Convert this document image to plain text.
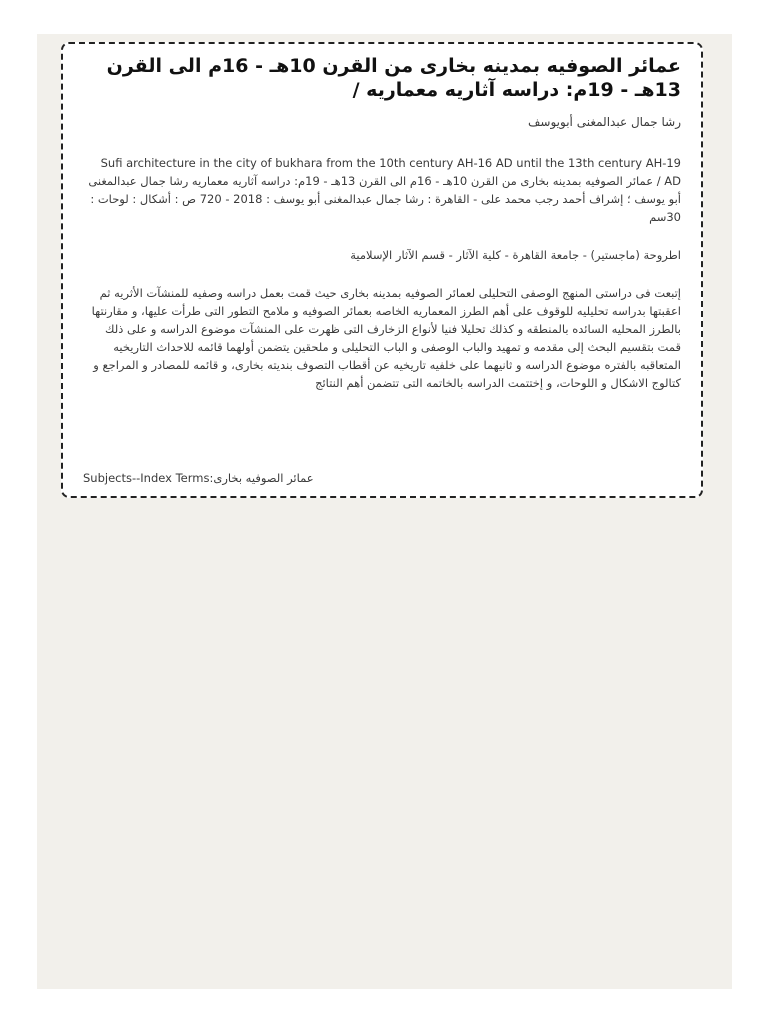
عمائر الصوفيه بمدينه بخارى من القرن 10هـ - 16م الى القرن 13هـ - 19م: دراسه آثاريه معماريه /
رشا جمال عبدالمغنى أبويوسف
Sufi architecture in the city of bukhara from the 10th century AH-16 AD until the 13th century AH-19 AD / عمائر الصوفيه بمدينه بخارى من القرن 10هـ - 16م الى القرن 13هـ - 19م: دراسه آثاريه معماريه رشا جمال عبدالمغنى أبو يوسف ؛ إشراف أحمد رجب محمد على - القاهرة : رشا جمال عبدالمغنى أبو يوسف : 2018 - 720 ص : أشكال : لوحات : 30سم
اطروحة (ماجستير) - جامعة القاهرة - كلية الآثار - قسم الآثار الإسلامية
إتبعت فى دراستى المنهج الوصفى التحليلى لعمائر الصوفيه بمدينه بخارى حيث قمت بعمل دراسه وصفيه للمنشآت الأثريه ثم اعقبتها بدراسه تحليليه للوقوف على أهم الطرز المعماريه الخاصه بعمائر الصوفيه و ملامح التطور التى طرأت عليها، و مقارنتها بالطرز المحليه السائده بالمنطقه و كذلك تحليلا فنيا لأنواع الزخارف التى ظهرت على المنشآت موضوع الدراسه و على ذلك قمت بتقسيم البحث إلى مقدمه و تمهيد والباب الوصفى و الباب التحليلى و ملحقين يتضمن أولهما قائمه للاحداث التاريخيه المتعاقبه بالفتره موضوع الدراسه و ثانيهما على خلفيه تاريخيه عن أقطاب التصوف بنديته بخارى، و قائمه للمصادر و المراجع و كتالوج الاشكال و اللوحات، و إختتمت الدراسه بالخاتمه التى تتضمن أهم النتائج
Subjects--Index Terms:عمائر الصوفيه بخارى
